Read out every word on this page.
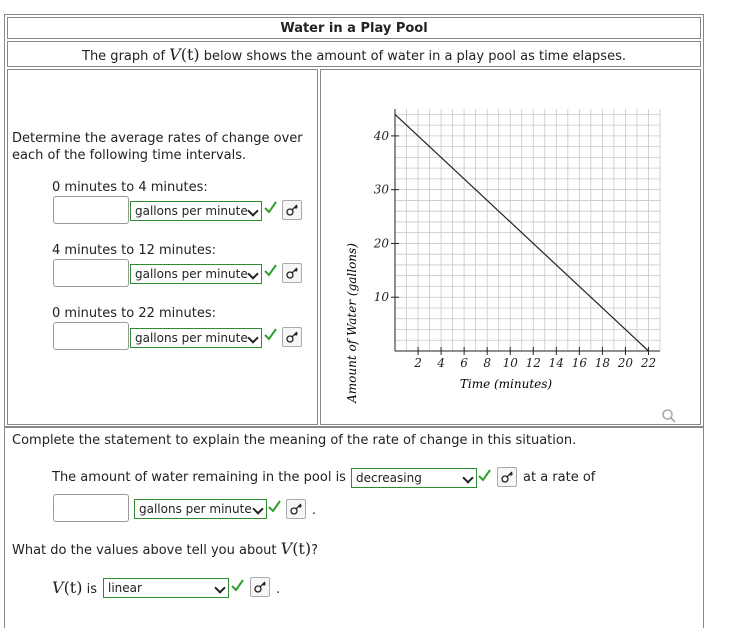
Water in a Play Pool
The graph of V(t) below shows the amount of water in a play pool as time elapses.
Determine the average rates of change over
each of the following time intervals.
0 minutes to 4 minutes:
gallons per minute
4 minutes to 12 minutes:
gallons per minute
0 minutes to 22 minutes:
gallons per minute
2 4 6 8 10 12 14 16 18 20 22
10
20
30
40
Amount of Water (gallons)	Time (minutes)
Complete the statement to explain the meaning of the rate of change in this situation.
The amount of water remaining in the pool is decreasing	at a rate of
gallons per minute	.
What do the values above tell you about V(t)?
V(t) is linear	.
